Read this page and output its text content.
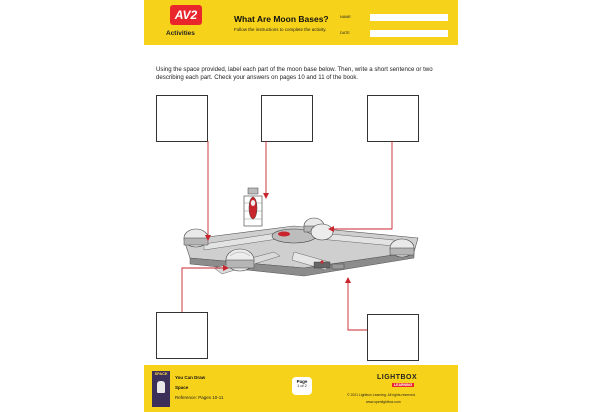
AV2
Activities
What Are Moon Bases?
Follow the instructions to complete the activity.
NAME
DATE
Using the space provided, label each part of the moon base below. Then, write a short sentence or two describing each part. Check your answers on pages 10 and 11 of the book.
SPACE
You Can Draw
Space
Reference: Pages 10-11
Page
1 of 2
LIGHTBOX
LEARNING
© 2021 Lightbox Learning. All rights reserved.
www.openlightbox.com
